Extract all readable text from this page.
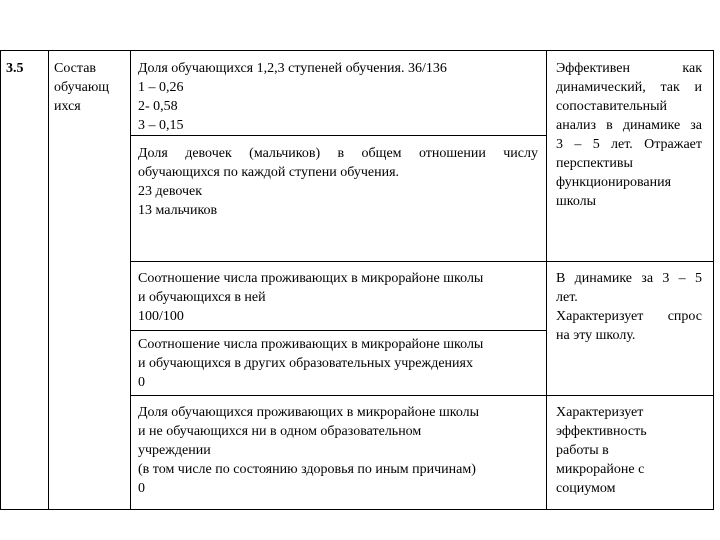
3.5 Состав
обучающ
ихся
Доля обучающихся 1,2,3 ступеней обучения. 36/136
1 – 0,26
2- 0,58
3 – 0,15
Доля девочек (мальчиков) в общем отношении числу
обучающихся по каждой ступени обучения.
23 девочек
13 мальчиков
Соотношение числа проживающих в микрорайоне школы
и обучающихся в ней
100/100
Соотношение числа проживающих в микрорайоне школы
и обучающихся в других образовательных учреждениях
0
Доля обучающихся проживающих в микрорайоне школы
и не обучающихся ни в одном образовательном
учреждении
(в том числе по состоянию здоровья по иным причинам)
0
Эффективен как
динамический, так и
сопоставительный
анализ в динамике за
3 – 5 лет. Отражает
перспективы
функционирования
школы
В динамике за 3 – 5
лет.
Характеризует спрос
на эту школу.
Характеризует
эффективность
работы в
микрорайоне с
социумом
